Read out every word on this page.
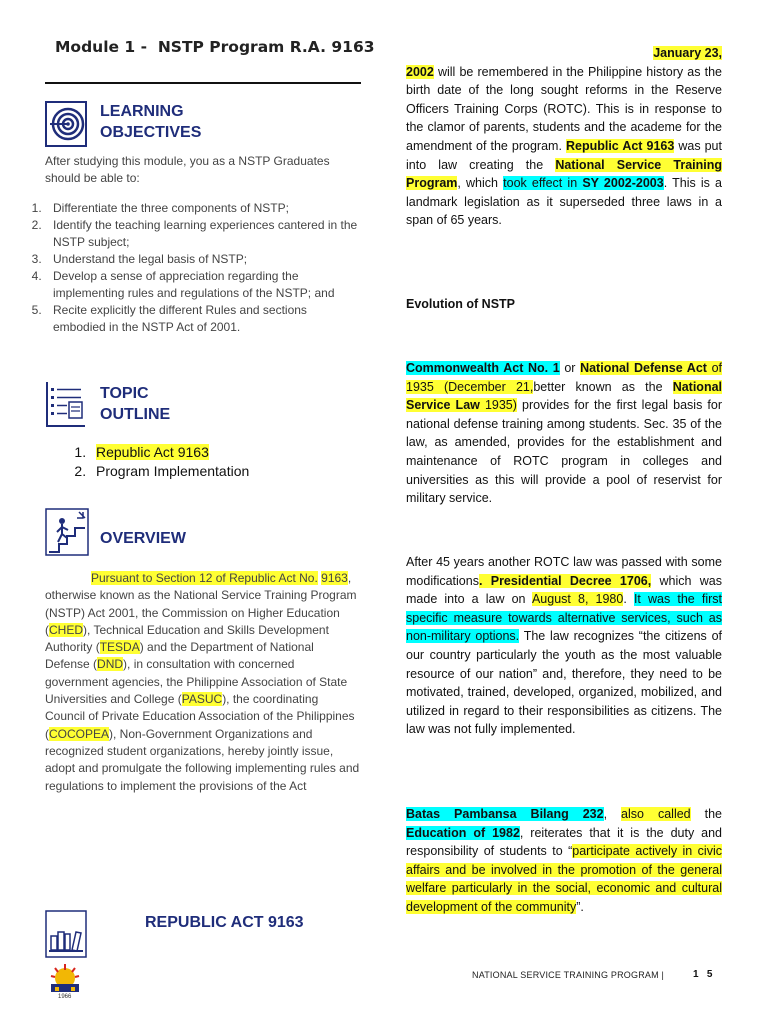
Module 1 -  NSTP Program R.A. 9163
LEARNING
OBJECTIVES
After studying this module, you as a NSTP Graduates should be able to:
1. Differentiate the three components of NSTP;
2. Identify the teaching learning experiences cantered in the NSTP subject;
3. Understand the legal basis of NSTP;
4. Develop a sense of appreciation regarding the implementing rules and regulations of the NSTP; and
5. Recite explicitly the different Rules and sections embodied in the NSTP Act of 2001.
TOPIC
OUTLINE
1. Republic Act 9163
2. Program Implementation
OVERVIEW
Pursuant to Section 12 of Republic Act No. 9163, otherwise known as the National Service Training Program (NSTP) Act 2001, the Commission on Higher Education (CHED), Technical Education and Skills Development Authority (TESDA) and the Department of National Defense (DND), in consultation with concerned government agencies, the Philippine Association of State Universities and College (PASUC), the coordinating Council of Private Education Association of the Philippines (COCOPEA), Non-Government Organizations and recognized student organizations, hereby jointly issue, adopt and promulgate the following implementing rules and regulations to implement the provisions of the Act
REPUBLIC ACT 9163
1966
January 23,
2002 will be remembered in the Philippine history as the birth date of the long sought reforms in the Reserve Officers Training Corps (ROTC). This is in response to the clamor of parents, students and the academe for the amendment of the program. Republic Act 9163 was put into law creating the National Service Training Program, which took effect in SY 2002-2003. This is a landmark legislation as it superseded three laws in a span of 65 years.
Evolution of NSTP
Commonwealth Act No. 1 or National Defense Act of 1935 (December 21,better known as the National Service Law 1935) provides for the first legal basis for national defense training among students. Sec. 35 of the law, as amended, provides for the establishment and maintenance of ROTC program in colleges and universities as this will provide a pool of reservist for military service.
After 45 years another ROTC law was passed with some modifications. Presidential Decree 1706, which was made into a law on August 8, 1980. It was the first specific measure towards alternative services, such as non-military options. The law recognizes “the citizens of our country particularly the youth as the most valuable resource of our nation” and, therefore, they need to be motivated, trained, developed, organized, mobilized, and utilized in regard to their responsibilities as citizens. The law was not fully implemented.
Batas Pambansa Bilang 232, also called the Education of 1982, reiterates that it is the duty and responsibility of students to “participate actively in civic affairs and be involved in the promotion of the general welfare particularly in the social, economic and cultural development of the community”.
NATIONAL SERVICE TRAINING PROGRAM |	1   5
